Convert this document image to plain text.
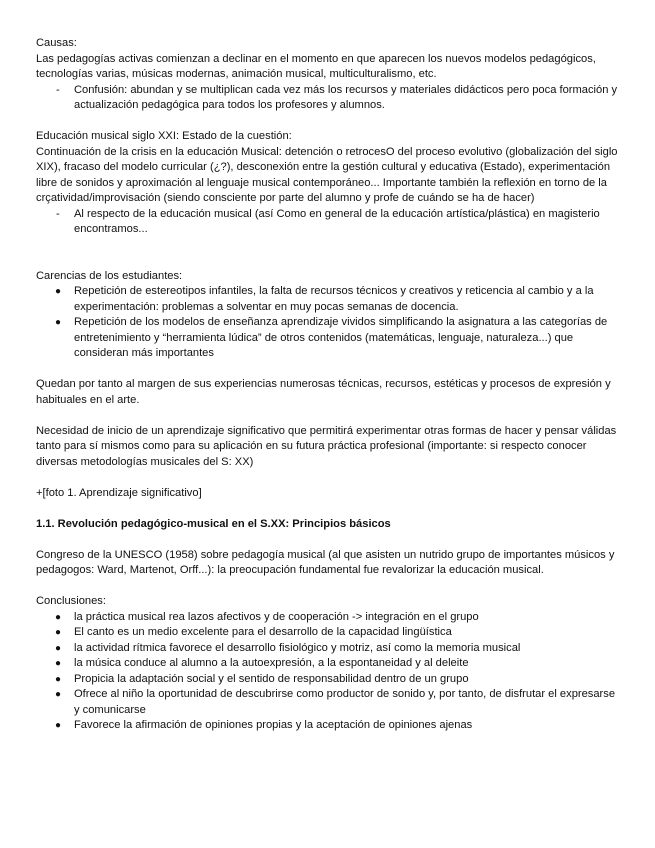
Causas:

Las pedagogías activas comienzan a declinar en el momento en que aparecen los nuevos modelos pedagógicos, tecnologías varias, músicas modernas, animación musical, multiculturalismo, etc.

- Confusión: abundan y se multiplican cada vez más los recursos y materiales didácticos pero poca formación y actualización pedagógica para todos los profesores y alumnos.

Educación musical siglo XXI: Estado de la cuestión:

Continuación de la crisis en la educación Musical: detención o retrocesO del proceso evolutivo (globalización del siglo XIX), fracaso del modelo curricular (¿?), desconexión entre la gestión cultural y educativa (Estado), experimentación libre de sonidos y aproximación al lenguaje musical contemporáneo... Importante también la reflexión en torno de la crçatividad/improvisación (siendo consciente por parte del alumno y profe de cuándo se ha de hacer)

- Al respecto de la educación musical (así Como en general de la educación artística/plástica) en magisterio encontramos...

Carencias de los estudiantes:

● Repetición de estereotipos infantiles, la falta de recursos técnicos y creativos y reticencia al cambio y a la experimentación: problemas a solventar en muy pocas semanas de docencia.
● Repetición de los modelos de enseñanza aprendizaje vividos simplificando la asignatura a las categorías de entretenimiento y “herramienta lúdica” de otros contenidos (matemáticas, lenguaje, naturaleza...) que consideran más importantes

Quedan por tanto al margen de sus experiencias numerosas técnicas, recursos, estéticas y procesos de expresión y habituales en el arte.

Necesidad de inicio de un aprendizaje significativo que permitirá experimentar otras formas de hacer y pensar válidas tanto para sí mismos como para su aplicación en su futura práctica profesional (importante: si respecto conocer diversas metodologías musicales del S: XX)

+[foto 1. Aprendizaje significativo]

1.1. Revolución pedagógico-musical en el S.XX: Principios básicos

Congreso de la UNESCO (1958) sobre pedagogía musical (al que asisten un nutrido grupo de importantes músicos y pedagogos: Ward, Martenot, Orff...): la preocupación fundamental fue revalorizar la educación musical.

Conclusiones:

● la práctica musical rea lazos afectivos y de cooperación -> integración en el grupo
● El canto es un medio excelente para el desarrollo de la capacidad lingüística
● la actividad rítmica favorece el desarrollo fisiológico y motriz, así como la memoria musical
● la música conduce al alumno a la autoexpresión, a la espontaneidad y al deleite
● Propicia la adaptación social y el sentido de responsabilidad dentro de un grupo
● Ofrece al niño la oportunidad de descubrirse como productor de sonido y, por tanto, de disfrutar el expresarse y comunicarse
● Favorece la afirmación de opiniones propias y la aceptación de opiniones ajenas
